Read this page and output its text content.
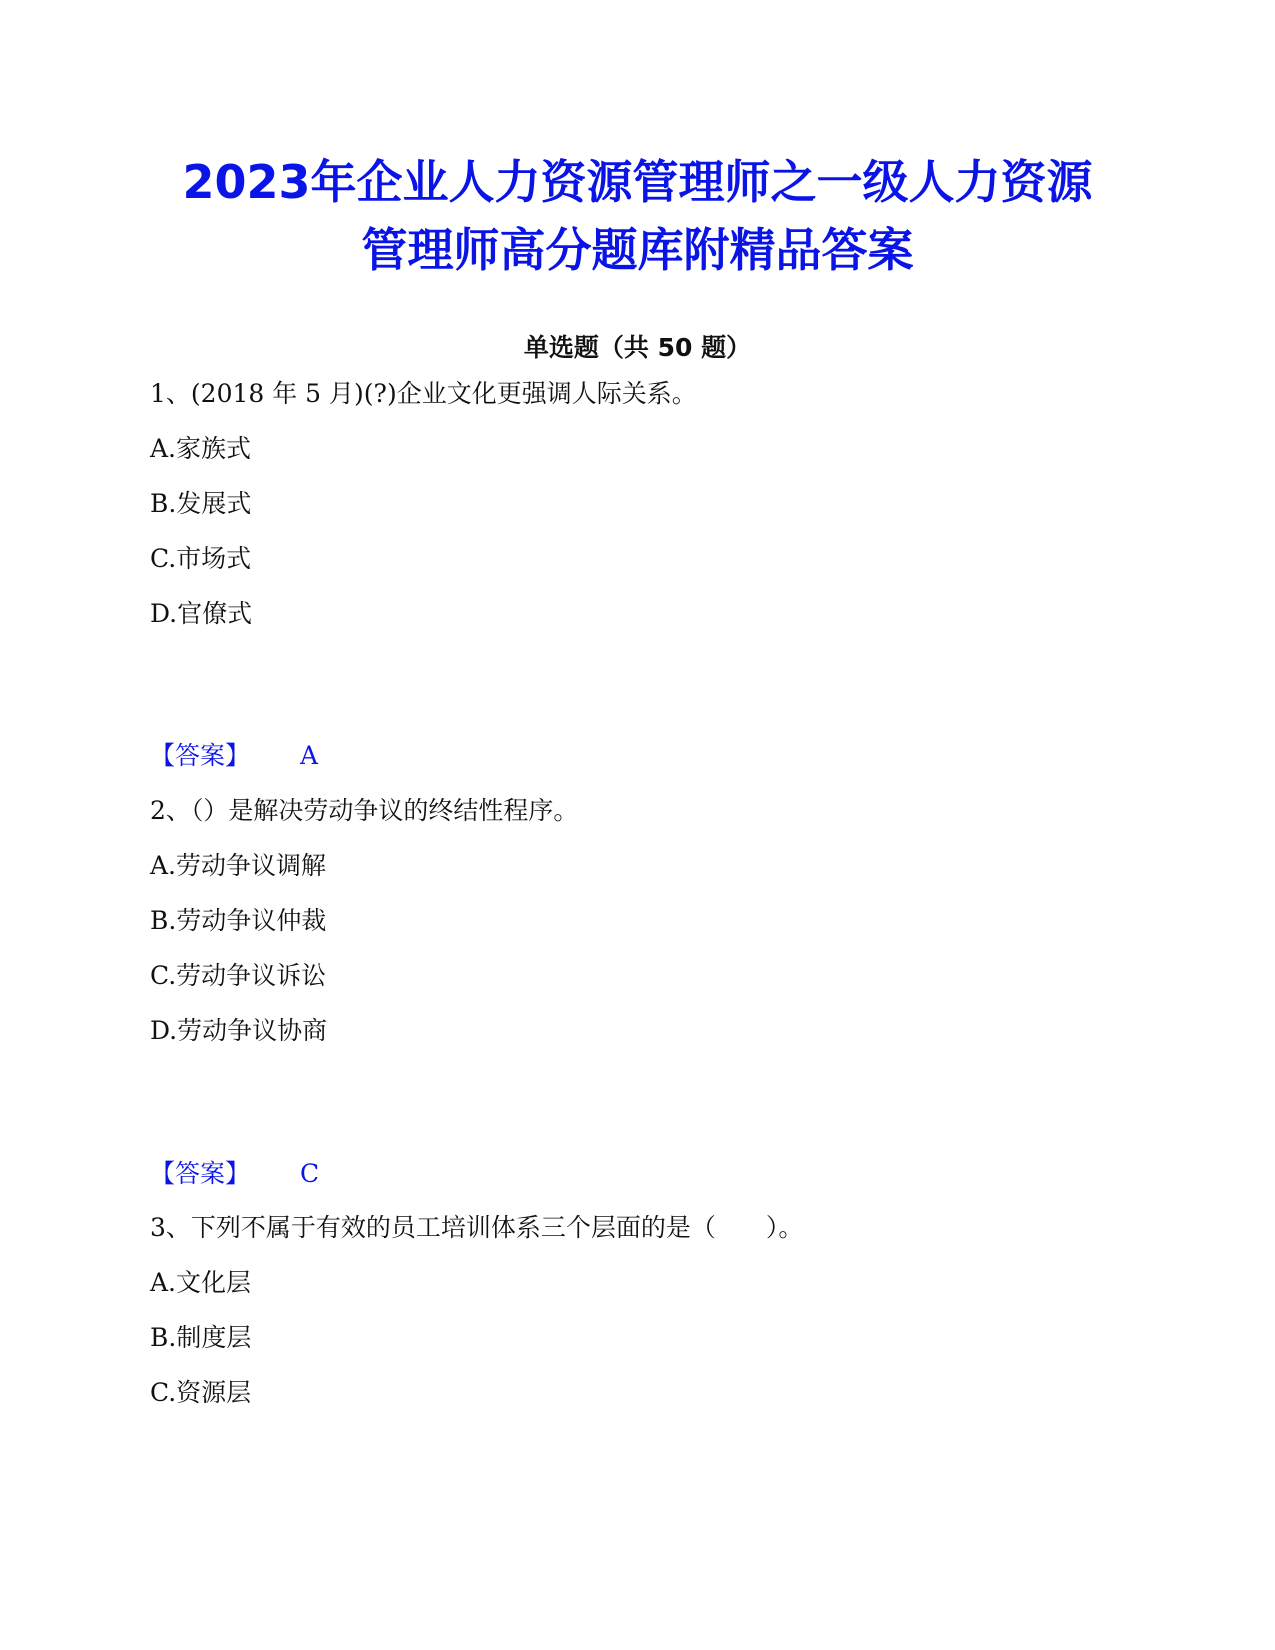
2023年企业人力资源管理师之一级人力资源
管理师高分题库附精品答案
单选题（共 50 题）
1、(2018 年 5 月)(?)企业文化更强调人际关系。
A.家族式
B.发展式
C.市场式
D.官僚式
【答案】 A
2、（）是解决劳动争议的终结性程序。
A.劳动争议调解
B.劳动争议仲裁
C.劳动争议诉讼
D.劳动争议协商
【答案】 C
3、下列不属于有效的员工培训体系三个层面的是（　　）。
A.文化层
B.制度层
C.资源层
